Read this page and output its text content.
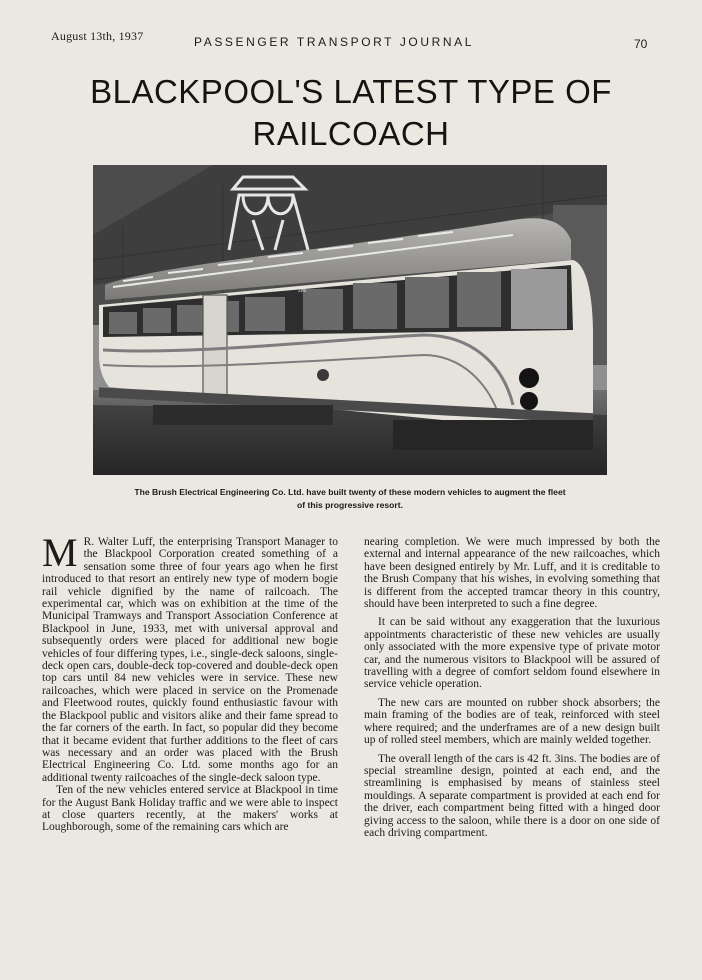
August 13th, 1937	PASSENGER TRANSPORT JOURNAL	70
BLACKPOOL'S LATEST TYPE OF
RAILCOACH
286
The Brush Electrical Engineering Co. Ltd. have built twenty of these modern vehicles to augment the fleet
of this progressive resort.

M R. Walter Luff, the enterprising Transport Manager to the Blackpool Corporation created something of a sensation some three of four years ago when he first introduced to that resort an entirely new type of modern bogie rail vehicle dignified by the name of railcoach. The experimental car, which was on exhibition at the time of the Municipal Tramways and Transport Association Conference at Blackpool in June, 1933, met with universal approval and subsequently orders were placed for additional new bogie vehicles of four differing types, i.e., single-deck saloons, single-deck open cars, double-deck top-covered and double-deck open top cars until 84 new vehicles were in service. These new railcoaches, which were placed in service on the Promenade and Fleetwood routes, quickly found enthusiastic favour with the Blackpool public and visitors alike and their fame spread to the far corners of the earth. In fact, so popular did they become that it became evident that further additions to the fleet of cars was necessary and an order was placed with the Brush Electrical Engineering Co. Ltd. some months ago for an additional twenty railcoaches of the single-deck saloon type.

Ten of the new vehicles entered service at Blackpool in time for the August Bank Holiday traffic and we were able to inspect at close quarters recently, at the makers' works at Loughborough, some of the remaining cars which are

nearing completion. We were much impressed by both the external and internal appearance of the new railcoaches, which have been designed entirely by Mr. Luff, and it is creditable to the Brush Company that his wishes, in evolving something that is different from the accepted tramcar theory in this country, should have been interpreted to such a fine degree.

It can be said without any exaggeration that the luxurious appointments characteristic of these new vehicles are usually only associated with the more expensive type of private motor car, and the numerous visitors to Blackpool will be assured of travelling with a degree of comfort seldom found elsewhere in service vehicle operation.

The new cars are mounted on rubber shock absorbers; the main framing of the bodies are of teak, reinforced with steel where required; and the underframes are of a new design built up of rolled steel members, which are mainly welded together.

The overall length of the cars is 42 ft. 3ins. The bodies are of special streamline design, pointed at each end, and the streamlining is emphasised by means of stainless steel mouldings. A separate compartment is provided at each end for the driver, each compartment being fitted with a hinged door giving access to the saloon, while there is a door on one side of each driving compartment.
